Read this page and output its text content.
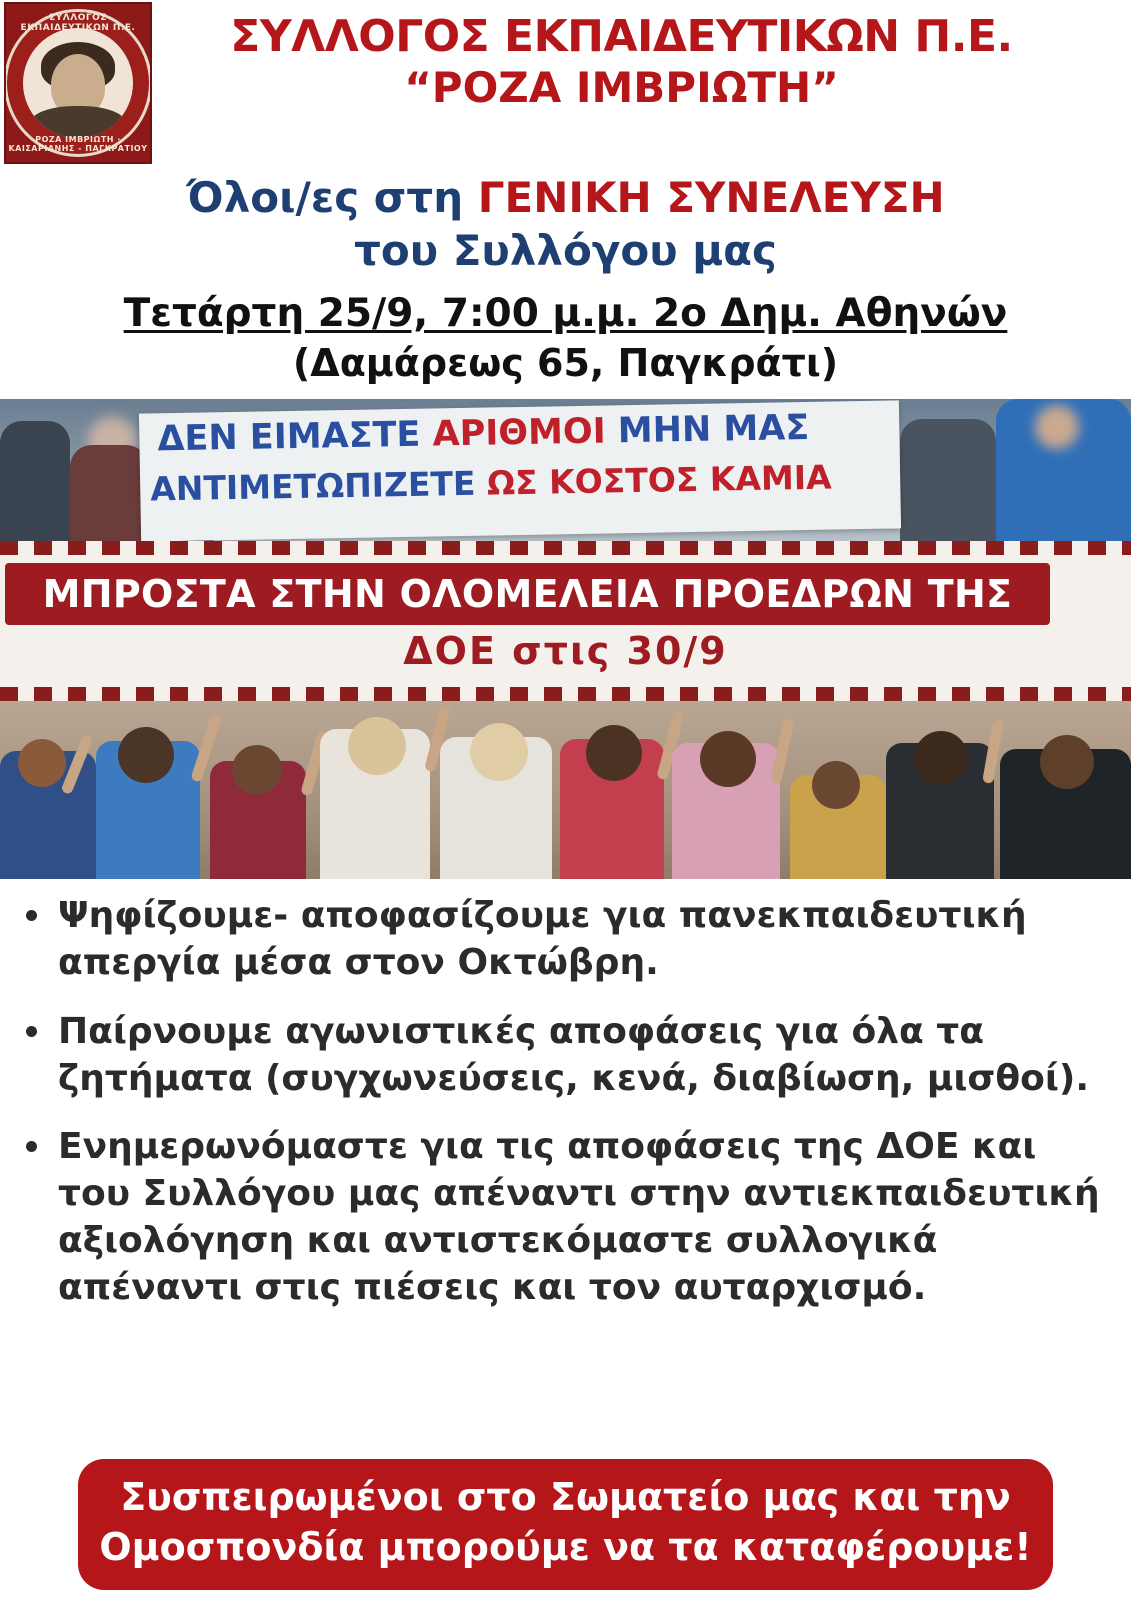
ΣΥΛΛΟΓΟΣ ΕΚΠΑΙΔΕΥΤΙΚΩΝ Π.Ε.
ΡΟΖΑ ΙΜΒΡΙΩΤΗ · ΚΑΙΣΑΡΙΑΝΗΣ - ΠΑΓΚΡΑΤΙΟΥ
ΣΥΛΛΟΓΟΣ ΕΚΠΑΙΔΕΥΤΙΚΩΝ Π.Ε.
“ΡΟΖΑ ΙΜΒΡΙΩΤΗ”
Όλοι/ες στη ΓΕΝΙΚΗ ΣΥΝΕΛΕΥΣΗ
του Συλλόγου μας
Τετάρτη 25/9, 7:00 μ.μ. 2ο Δημ. Αθηνών
(Δαμάρεως 65, Παγκράτι)
ΔΕΝ ΕΙΜΑΣΤΕ ΑΡΙΘΜΟΙ ΜΗΝ ΜΑΣ
ΑΝΤΙΜΕΤΩΠΙΖΕΤΕ ΩΣ ΚΟΣΤΟΣ ΚΑΜΙΑ
ΜΠΡΟΣΤΑ ΣΤΗΝ ΟΛΟΜΕΛΕΙΑ ΠΡΟΕΔΡΩΝ ΤΗΣ
ΔΟΕ στις 30/9
Ψηφίζουμε- αποφασίζουμε για πανεκπαιδευτική απεργία μέσα στον Οκτώβρη.
Παίρνουμε αγωνιστικές αποφάσεις για όλα τα ζητήματα (συγχωνεύσεις, κενά, διαβίωση, μισθοί).
Ενημερωνόμαστε για τις αποφάσεις της ΔΟΕ και του Συλλόγου μας απέναντι στην αντιεκπαιδευτική αξιολόγηση και αντιστεκόμαστε συλλογικά απέναντι στις πιέσεις και τον αυταρχισμό.
Συσπειρωμένοι στο Σωματείο μας και την
Ομοσπονδία μπορούμε να τα καταφέρουμε!
